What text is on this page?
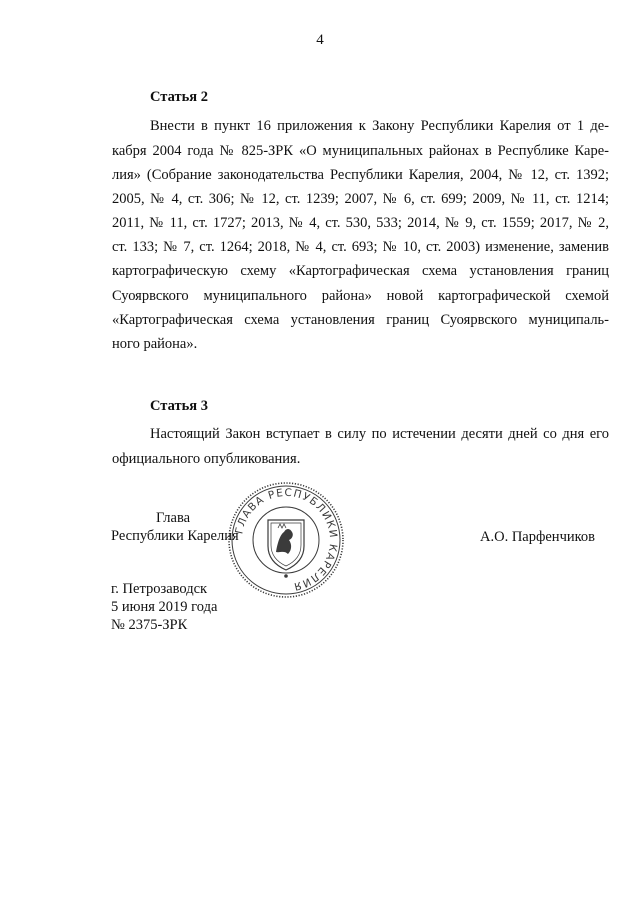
4
Статья 2
Внести в пункт 16 приложения к Закону Республики Карелия от 1 де-
кабря 2004 года № 825-ЗРК «О муниципальных районах в Республике Каре-
лия» (Собрание законодательства Республики Карелия, 2004, № 12, ст. 1392;
2005, № 4, ст. 306; № 12, ст. 1239; 2007, № 6, ст. 699; 2009, № 11, ст. 1214;
2011, № 11, ст. 1727; 2013, № 4, ст. 530, 533; 2014, № 9, ст. 1559; 2017, № 2,
ст. 133; № 7, ст. 1264; 2018, № 4, ст. 693; № 10, ст. 2003) изменение, заменив
картографическую схему «Картографическая схема установления границ
Суоярвского муниципального района» новой картографической схемой
«Картографическая схема установления границ Суоярвского муниципаль-
ного района».
Статья 3
Настоящий Закон вступает в силу по истечении десяти дней со дня его
официального опубликования.
ГЛАВА РЕСПУБЛИКИ КАРЕЛИЯ
Глава
Республики Карелия	А.О. Парфенчиков
г. Петрозаводск
5 июня 2019 года
№ 2375-ЗРК
